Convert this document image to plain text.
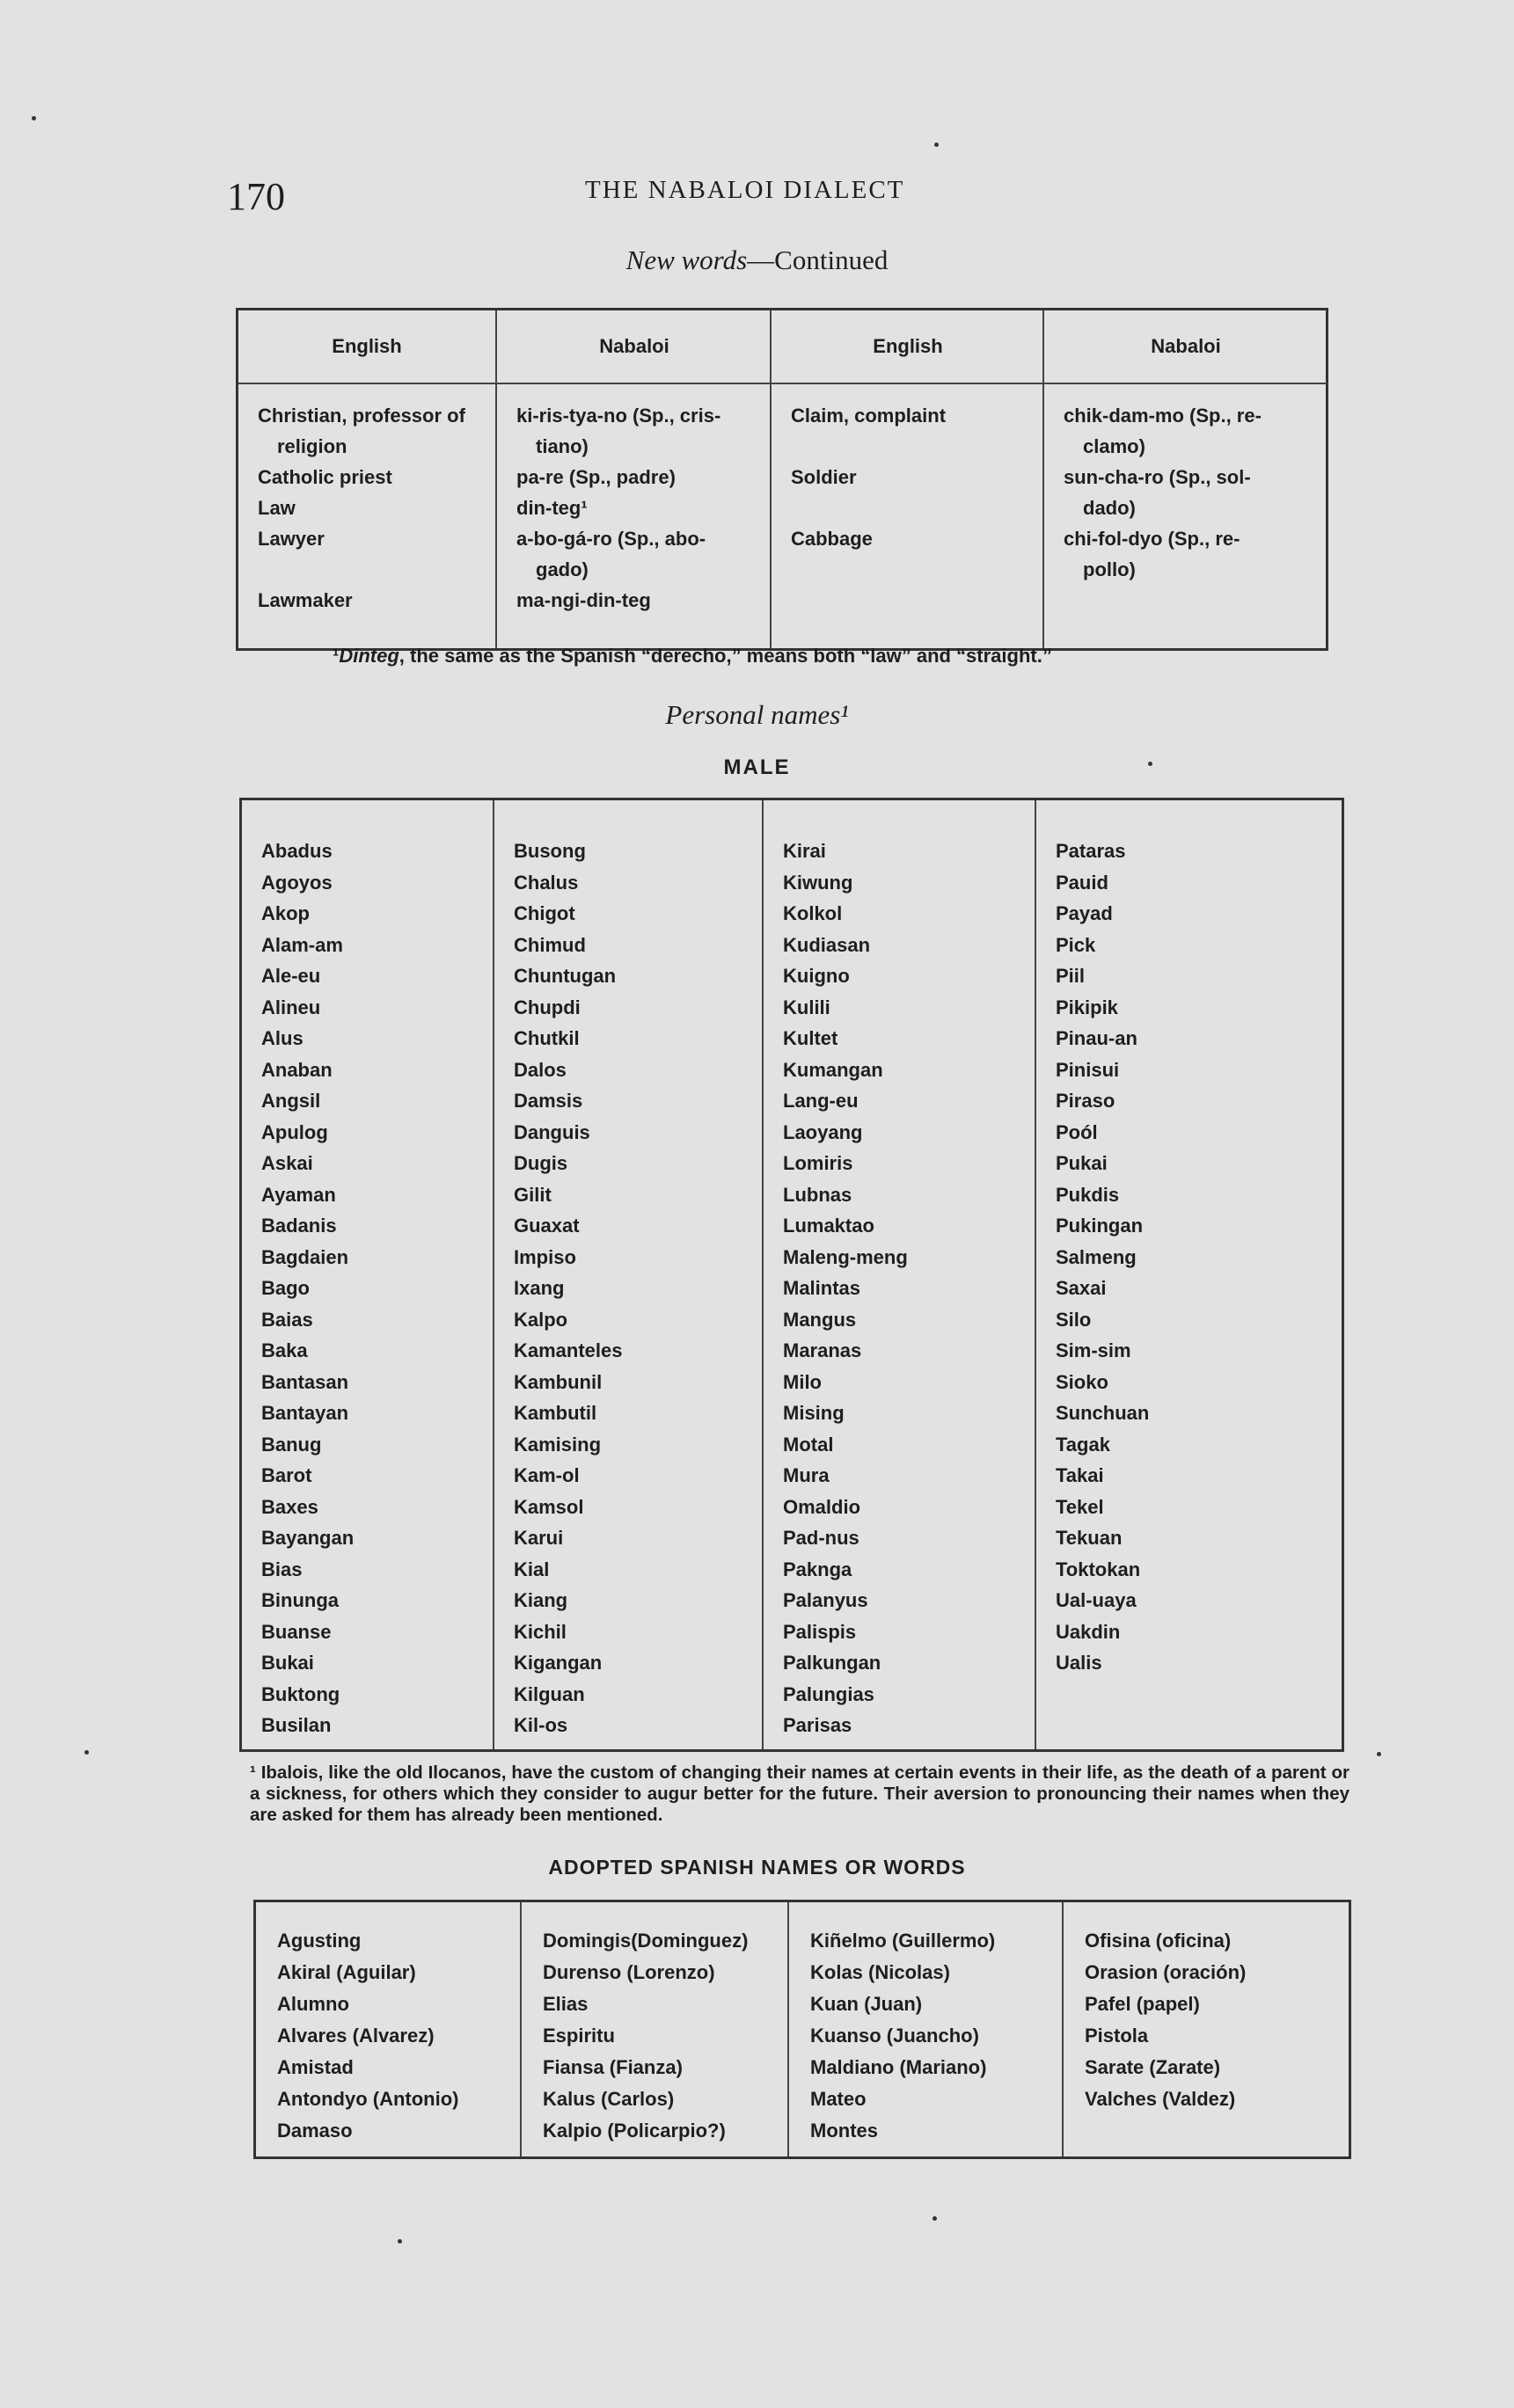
170	THE NABALOI DIALECT
New words—Continued
English
Christian, professor of
religion
Catholic priest
Law
Lawyer
Lawmaker
Nabaloi
ki-ris-tya-no (Sp., cris-
tiano)
pa-re (Sp., padre)
din-teg¹
a-bo-gá-ro (Sp., abo-
gado)
ma-ngi-din-teg
English
Claim, complaint
Soldier
Cabbage
Nabaloi
chik-dam-mo (Sp., re-
clamo)
sun-cha-ro (Sp., sol-
dado)
chi-fol-dyo (Sp., re-
pollo)
¹Dinteg, the same as the Spanish “derecho,” means both “law” and “straight.”
Personal names¹
MALE
Abadus
Agoyos
Akop
Alam-am
Ale-eu
Alineu
Alus
Anaban
Angsil
Apulog
Askai
Ayaman
Badanis
Bagdaien
Bago
Baias
Baka
Bantasan
Bantayan
Banug
Barot
Baxes
Bayangan
Bias
Binunga
Buanse
Bukai
Buktong
Busilan
Busong
Chalus
Chigot
Chimud
Chuntugan
Chupdi
Chutkil
Dalos
Damsis
Danguis
Dugis
Gilit
Guaxat
Impiso
Ixang
Kalpo
Kamanteles
Kambunil
Kambutil
Kamising
Kam-ol
Kamsol
Karui
Kial
Kiang
Kichil
Kigangan
Kilguan
Kil-os
Kirai
Kiwung
Kolkol
Kudiasan
Kuigno
Kulili
Kultet
Kumangan
Lang-eu
Laoyang
Lomiris
Lubnas
Lumaktao
Maleng-meng
Malintas
Mangus
Maranas
Milo
Mising
Motal
Mura
Omaldio
Pad-nus
Paknga
Palanyus
Palispis
Palkungan
Palungias
Parisas
Pataras
Pauid
Payad
Pick
Piil
Pikipik
Pinau-an
Pinisui
Piraso
Poól
Pukai
Pukdis
Pukingan
Salmeng
Saxai
Silo
Sim-sim
Sioko
Sunchuan
Tagak
Takai
Tekel
Tekuan
Toktokan
Ual-uaya
Uakdin
Ualis
¹ Ibalois, like the old Ilocanos, have the custom of changing their names at certain events in their life, as the death of a parent or a sickness, for others which they consider to augur better for the future. Their aversion to pronouncing their names when they are asked for them has already been mentioned.
ADOPTED SPANISH NAMES OR WORDS
Agusting
Akiral (Aguilar)
Alumno
Alvares (Alvarez)
Amistad
Antondyo (Antonio)
Damaso
Domingis(Dominguez)
Durenso (Lorenzo)
Elias
Espiritu
Fiansa (Fianza)
Kalus (Carlos)
Kalpio (Policarpio?)
Kiñelmo (Guillermo)
Kolas (Nicolas)
Kuan (Juan)
Kuanso (Juancho)
Maldiano (Mariano)
Mateo
Montes
Ofisina (oficina)
Orasion (oración)
Pafel (papel)
Pistola
Sarate (Zarate)
Valches (Valdez)
